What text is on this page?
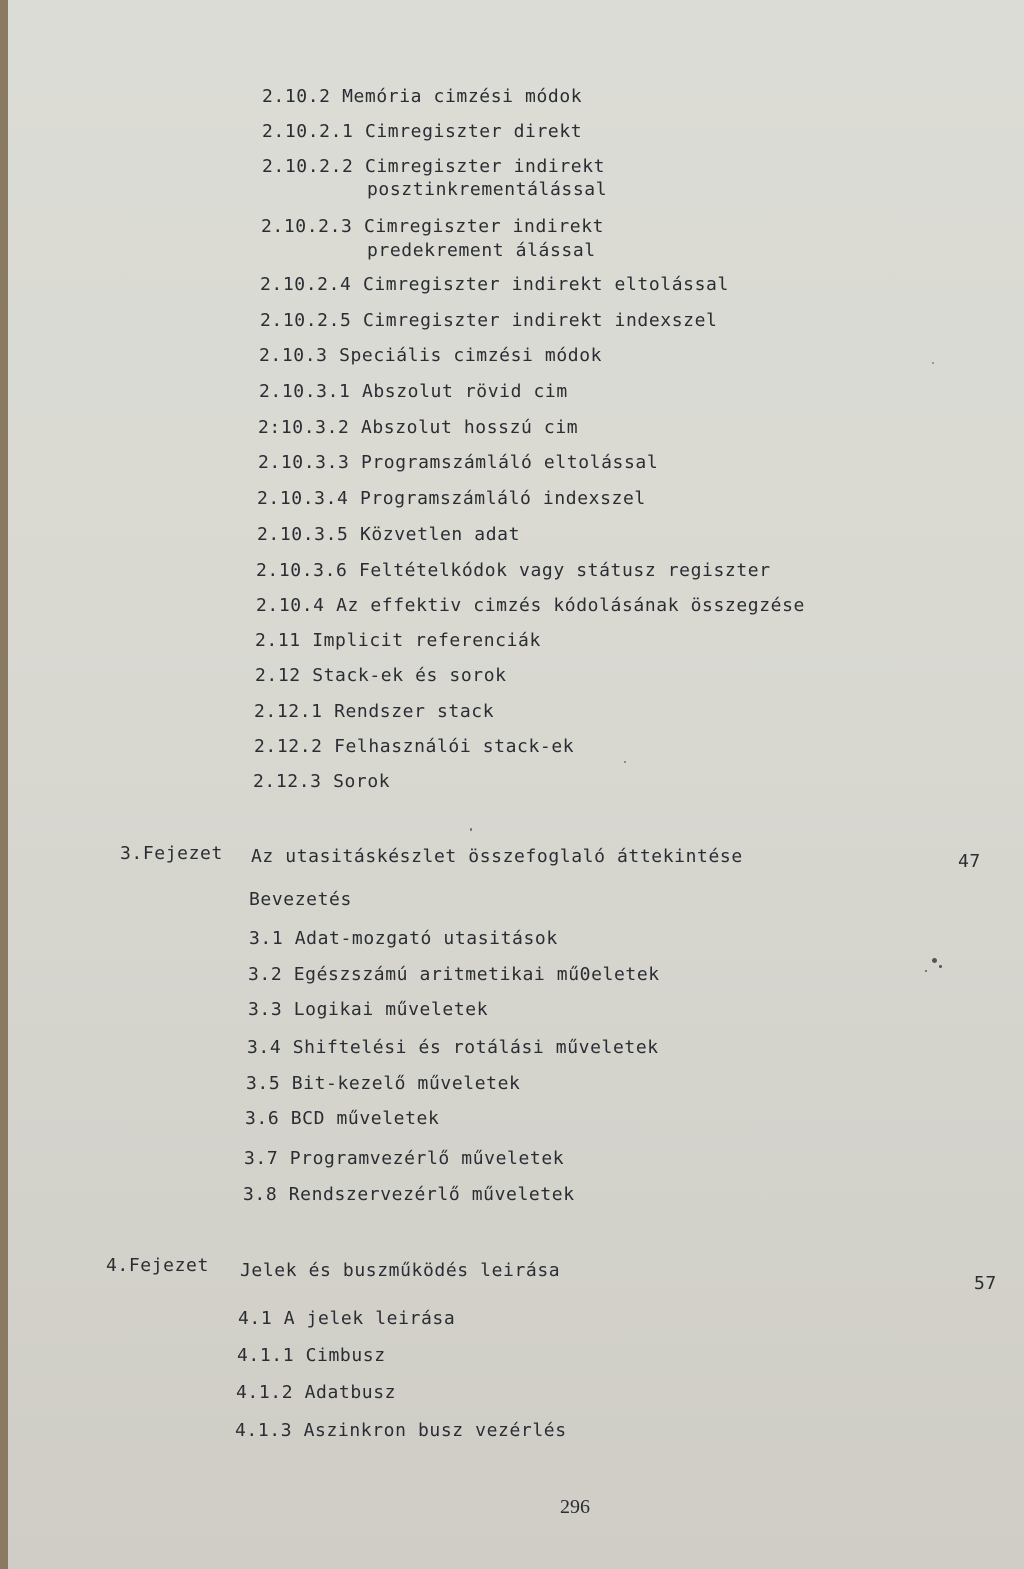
2.10.2 Memória cimzési módok
2.10.2.1 Cimregiszter direkt
2.10.2.2 Cimregiszter indirekt
posztinkrementálással
2.10.2.3 Cimregiszter indirekt
predekrement álással
2.10.2.4 Cimregiszter indirekt eltolással
2.10.2.5 Cimregiszter indirekt indexszel
2.10.3 Speciális cimzési módok
2.10.3.1 Abszolut rövid cim
2:10.3.2 Abszolut hosszú cim
2.10.3.3 Programszámláló eltolással
2.10.3.4 Programszámláló indexszel
2.10.3.5 Közvetlen adat
2.10.3.6 Feltételkódok vagy státusz regiszter
2.10.4 Az effektiv cimzés kódolásának összegzése
2.11 Implicit referenciák
2.12 Stack-ek és sorok
2.12.1 Rendszer stack
2.12.2 Felhasználói stack-ek
2.12.3 Sorok
3.Fejezet Az utasitáskészlet összefoglaló áttekintése	47
Bevezetés
3.1 Adat-mozgató utasitások
3.2 Egészszámú aritmetikai mű0eletek
3.3 Logikai műveletek
3.4 Shiftelési és rotálási műveletek
3.5 Bit-kezelő műveletek
3.6 BCD műveletek
3.7 Programvezérlő műveletek
3.8 Rendszervezérlő műveletek
4.Fejezet Jelek és buszműködés leirása
57
4.1 A jelek leirása
4.1.1 Cimbusz
4.1.2 Adatbusz
4.1.3 Aszinkron busz vezérlés
296
